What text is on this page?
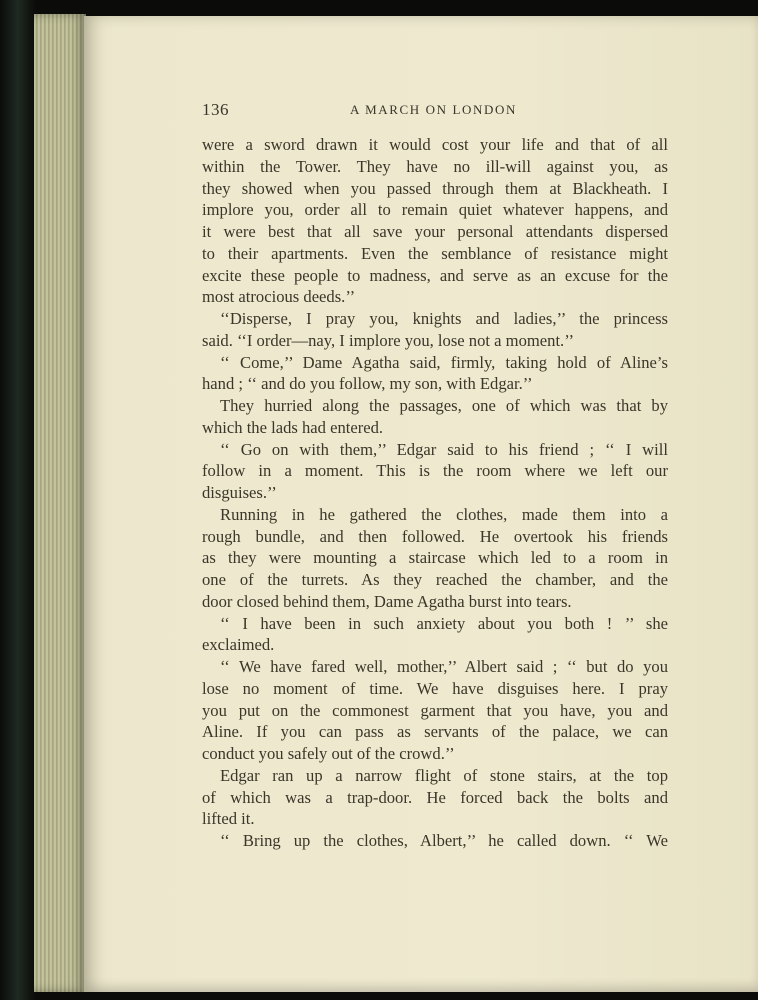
136	A MARCH ON LONDON
were a sword drawn it would cost your life and that of all
within the Tower. They have no ill-will against you, as
they showed when you passed through them at Blackheath. I
implore you, order all to remain quiet whatever happens, and
it were best that all save your personal attendants dispersed
to their apartments. Even the semblance of resistance might
excite these people to madness, and serve as an excuse for the
most atrocious deeds.’’
‘‘Disperse, I pray you, knights and ladies,’’ the princess
said. ‘‘I order—nay, I implore you, lose not a moment.’’
‘‘ Come,’’ Dame Agatha said, firmly, taking hold of Aline’s
hand ; ‘‘ and do you follow, my son, with Edgar.’’
They hurried along the passages, one of which was that by
which the lads had entered.
‘‘ Go on with them,’’ Edgar said to his friend ; ‘‘ I will
follow in a moment. This is the room where we left our
disguises.’’
Running in he gathered the clothes, made them into a
rough bundle, and then followed. He overtook his friends
as they were mounting a staircase which led to a room in
one of the turrets. As they reached the chamber, and the
door closed behind them, Dame Agatha burst into tears.
‘‘ I have been in such anxiety about you both ! ’’ she
exclaimed.
‘‘ We have fared well, mother,’’ Albert said ; ‘‘ but do you
lose no moment of time. We have disguises here. I pray
you put on the commonest garment that you have, you and
Aline. If you can pass as servants of the palace, we can
conduct you safely out of the crowd.’’
Edgar ran up a narrow flight of stone stairs, at the top
of which was a trap-door. He forced back the bolts and
lifted it.
‘‘ Bring up the clothes, Albert,’’ he called down. ‘‘ We
